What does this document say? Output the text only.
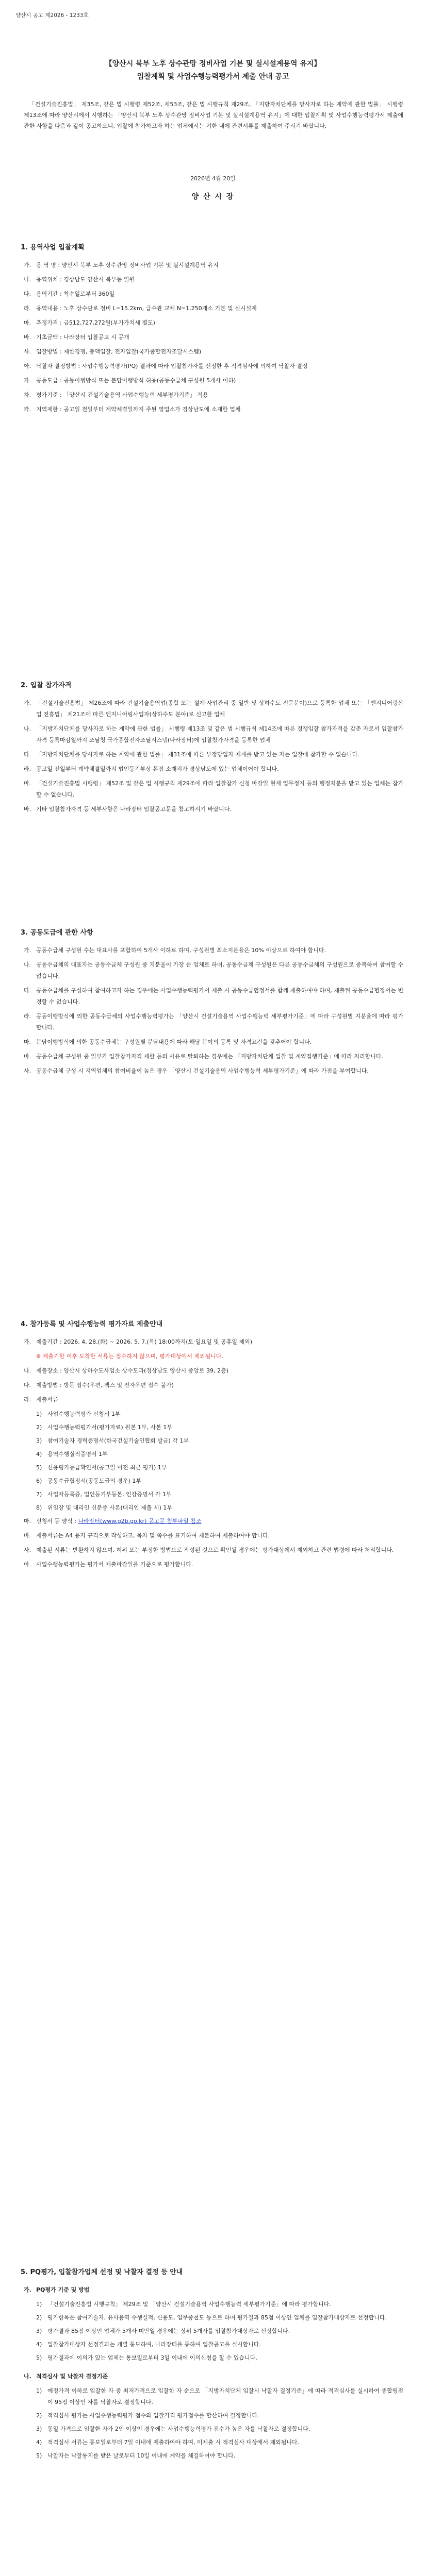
양산시 공고 제2026 - 1233호
【양산시 북부 노후 상수관망 정비사업 기본 및 실시설계용역 유지】
입찰계획 및 사업수행능력평가서 제출 안내 공고

「건설기술진흥법」 제35조, 같은 법 시행령 제52조, 제53조, 같은 법 시행규칙 제29조, 「지방자치단체를 당사자로 하는 계약에 관한 법률」 시행령 제13조에 따라 양산시에서 시행하는 「양산시 북부 노후 상수관망 정비사업 기본 및 실시설계용역 유지」에 대한 입찰계획 및 사업수행능력평가서 제출에 관한 사항을 다음과 같이 공고하오니, 입찰에 참가하고자 하는 업체에서는 기한 내에 관련서류를 제출하여 주시기 바랍니다.

2026년 4월 20일
양 산 시 장
1. 용역사업 입찰계획
가. 용 역 명 : 양산시 북부 노후 상수관망 정비사업 기본 및 실시설계용역 유지
나. 용역위치 : 경상남도 양산시 북부동 일원
다. 용역기간 : 착수일로부터 360일
라. 용역내용 : 노후 상수관로 정비 L=15.2km, 급수관 교체 N=1,250개소 기본 및 실시설계
마. 추정가격 : 금512,727,272원(부가가치세 별도)
바. 기초금액 : 나라장터 입찰공고 시 공개
사. 입찰방법 : 제한경쟁, 총액입찰, 전자입찰(국가종합전자조달시스템)
아. 낙찰자 결정방법 : 사업수행능력평가(PQ) 결과에 따라 입찰참가자를 선정한 후 적격심사에 의하여 낙찰자 결정
자. 공동도급 : 공동이행방식 또는 분담이행방식 허용(공동수급체 구성원 5개사 이하)
차. 평가기준 : 「양산시 건설기술용역 사업수행능력 세부평가기준」 적용
카. 지역제한 : 공고일 전일부터 계약체결일까지 주된 영업소가 경상남도에 소재한 업체
2. 입찰 참가자격
가. 「건설기술진흥법」 제26조에 따라 건설기술용역업(종합 또는 설계·사업관리 중 일반 및 상하수도 전문분야)으로 등록한 업체 또는 「엔지니어링산업 진흥법」 제21조에 따른 엔지니어링사업자(상하수도 분야)로 신고한 업체
나. 「지방자치단체를 당사자로 하는 계약에 관한 법률」 시행령 제13조 및 같은 법 시행규칙 제14조에 따른 경쟁입찰 참가자격을 갖춘 자로서 입찰참가자격 등록마감일까지 조달청 국가종합전자조달시스템(나라장터)에 입찰참가자격을 등록한 업체
다. 「지방자치단체를 당사자로 하는 계약에 관한 법률」 제31조에 따른 부정당업자 제재를 받고 있는 자는 입찰에 참가할 수 없습니다.
라. 공고일 전일부터 계약체결일까지 법인등기부상 본점 소재지가 경상남도에 있는 업체이어야 합니다.
마. 「건설기술진흥법 시행령」 제52조 및 같은 법 시행규칙 제29조에 따라 입찰참가 신청 마감일 현재 업무정지 등의 행정처분을 받고 있는 업체는 참가할 수 없습니다.
바. 기타 입찰참가자격 등 세부사항은 나라장터 입찰공고문을 참고하시기 바랍니다.
3. 공동도급에 관한 사항
가. 공동수급체 구성원 수는 대표사를 포함하여 5개사 이하로 하며, 구성원별 최소지분율은 10% 이상으로 하여야 합니다.
나. 공동수급체의 대표자는 공동수급체 구성원 중 지분율이 가장 큰 업체로 하며, 공동수급체 구성원은 다른 공동수급체의 구성원으로 중복하여 참여할 수 없습니다.
다. 공동수급체를 구성하여 참여하고자 하는 경우에는 사업수행능력평가서 제출 시 공동수급협정서를 함께 제출하여야 하며, 제출된 공동수급협정서는 변경할 수 없습니다.
라. 공동이행방식에 의한 공동수급체의 사업수행능력평가는 「양산시 건설기술용역 사업수행능력 세부평가기준」에 따라 구성원별 지분율에 따라 평가합니다.
마. 분담이행방식에 의한 공동수급체는 구성원별 분담내용에 따라 해당 분야의 등록 및 자격요건을 갖추어야 합니다.
바. 공동수급체 구성원 중 일부가 입찰참가자격 제한 등의 사유로 탈퇴하는 경우에는 「지방자치단체 입찰 및 계약집행기준」에 따라 처리합니다.
사. 공동수급체 구성 시 지역업체의 참여비율이 높은 경우 「양산시 건설기술용역 사업수행능력 세부평가기준」에 따라 가점을 부여합니다.
4. 참가등록 및 사업수행능력 평가자료 제출안내
가. 제출기간 : 2026. 4. 28.(화) ~ 2026. 5. 7.(목) 18:00까지(토·일요일 및 공휴일 제외)
※ 제출기한 이후 도착한 서류는 접수하지 않으며, 평가대상에서 제외됩니다.
나. 제출장소 : 양산시 상하수도사업소 상수도과(경상남도 양산시 중앙로 39, 2층)
다. 제출방법 : 방문 접수(우편, 팩스 및 전자우편 접수 불가)
라. 제출서류
1) 사업수행능력평가 신청서 1부
2) 사업수행능력평가서(평가자료) 원본 1부, 사본 1부
3) 참여기술자 경력증명서(한국건설기술인협회 발급) 각 1부
4) 용역수행실적증명서 1부
5) 신용평가등급확인서(공고일 이전 최근 평가) 1부
6) 공동수급협정서(공동도급의 경우) 1부
7) 사업자등록증, 법인등기부등본, 인감증명서 각 1부
8) 위임장 및 대리인 신분증 사본(대리인 제출 시) 1부
마. 신청서 등 양식 : 나라장터(www.g2b.go.kr) 공고문 첨부파일 참조
바. 제출서류는 A4 용지 규격으로 작성하고, 목차 및 쪽수를 표기하여 제본하여 제출하여야 합니다.
사. 제출된 서류는 반환하지 않으며, 허위 또는 부정한 방법으로 작성된 것으로 확인될 경우에는 평가대상에서 제외하고 관련 법령에 따라 처리합니다.
아. 사업수행능력평가는 평가서 제출마감일을 기준으로 평가합니다.
5. PQ평가, 입찰참가업체 선정 및 낙찰자 결정 등 안내
가. PQ평가 기준 및 방법
1) 「건설기술진흥법 시행규칙」 제29조 및 「양산시 건설기술용역 사업수행능력 세부평가기준」에 따라 평가합니다.
2) 평가항목은 참여기술자, 유사용역 수행실적, 신용도, 업무중첩도 등으로 하며 평가결과 85점 이상인 업체를 입찰참가대상자로 선정합니다.
3) 평가결과 85점 이상인 업체가 5개사 미만일 경우에는 상위 5개사를 입찰참가대상자로 선정합니다.
4) 입찰참가대상자 선정결과는 개별 통보하며, 나라장터를 통하여 입찰공고를 실시합니다.
5) 평가결과에 이의가 있는 업체는 통보일로부터 3일 이내에 이의신청을 할 수 있습니다.
나. 적격심사 및 낙찰자 결정기준
1) 예정가격 이하로 입찰한 자 중 최저가격으로 입찰한 자 순으로 「지방자치단체 입찰시 낙찰자 결정기준」에 따라 적격심사를 실시하여 종합평점이 95점 이상인 자를 낙찰자로 결정합니다.
2) 적격심사 평가는 사업수행능력평가 점수와 입찰가격 평가점수를 합산하여 결정합니다.
3) 동일 가격으로 입찰한 자가 2인 이상인 경우에는 사업수행능력평가 점수가 높은 자를 낙찰자로 결정합니다.
4) 적격심사 서류는 통보일로부터 7일 이내에 제출하여야 하며, 미제출 시 적격심사 대상에서 제외됩니다.
5) 낙찰자는 낙찰통지를 받은 날로부터 10일 이내에 계약을 체결하여야 합니다.
